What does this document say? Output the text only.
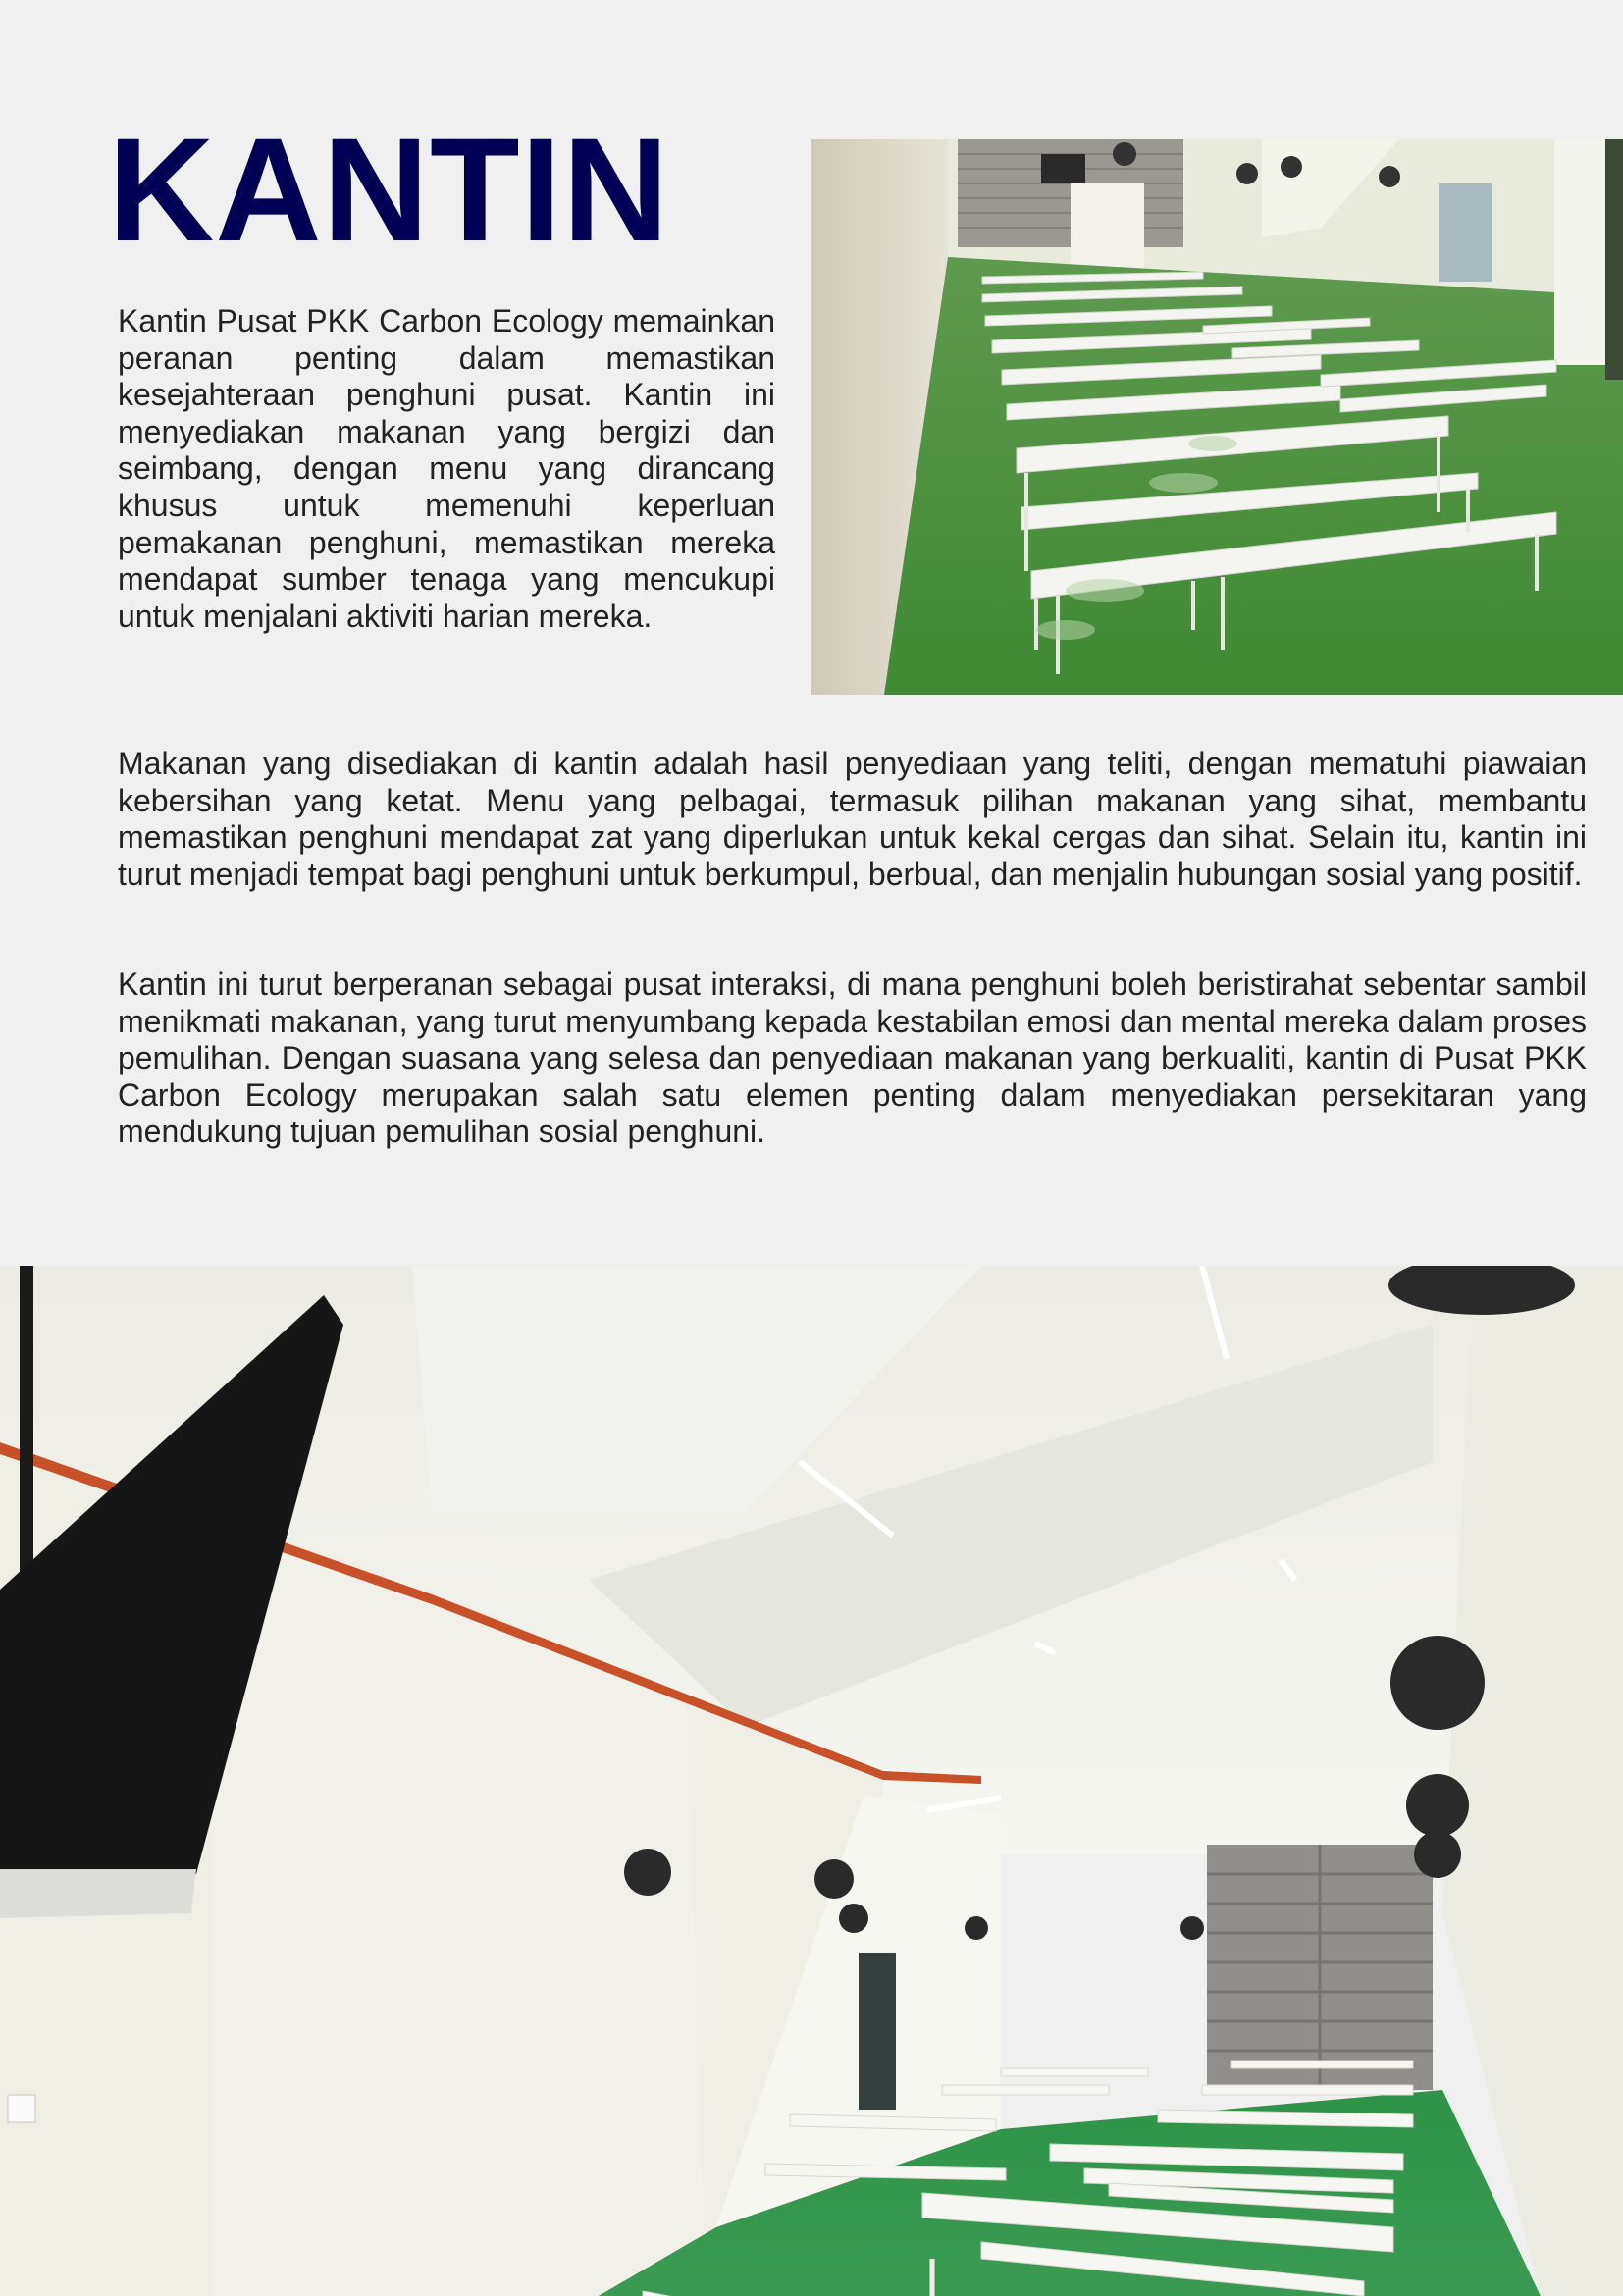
KANTIN

Kantin Pusat PKK Carbon Ecology memainkan peranan penting dalam memastikan kesejahteraan penghuni pusat. Kantin ini menyediakan makanan yang bergizi dan seimbang, dengan menu yang dirancang khusus untuk memenuhi keperluan pemakanan penghuni, memastikan mereka mendapat sumber tenaga yang mencukupi untuk menjalani aktiviti harian mereka.

Makanan yang disediakan di kantin adalah hasil penyediaan yang teliti, dengan mematuhi piawaian kebersihan yang ketat. Menu yang pelbagai, termasuk pilihan makanan yang sihat, membantu memastikan penghuni mendapat zat yang diperlukan untuk kekal cergas dan sihat. Selain itu, kantin ini turut menjadi tempat bagi penghuni untuk berkumpul, berbual, dan menjalin hubungan sosial yang positif.

Kantin ini turut berperanan sebagai pusat interaksi, di mana penghuni boleh beristirahat sebentar sambil menikmati makanan, yang turut menyumbang kepada kestabilan emosi dan mental mereka dalam proses pemulihan. Dengan suasana yang selesa dan penyediaan makanan yang berkualiti, kantin di Pusat PKK Carbon Ecology merupakan salah satu elemen penting dalam menyediakan persekitaran yang mendukung tujuan pemulihan sosial penghuni.
